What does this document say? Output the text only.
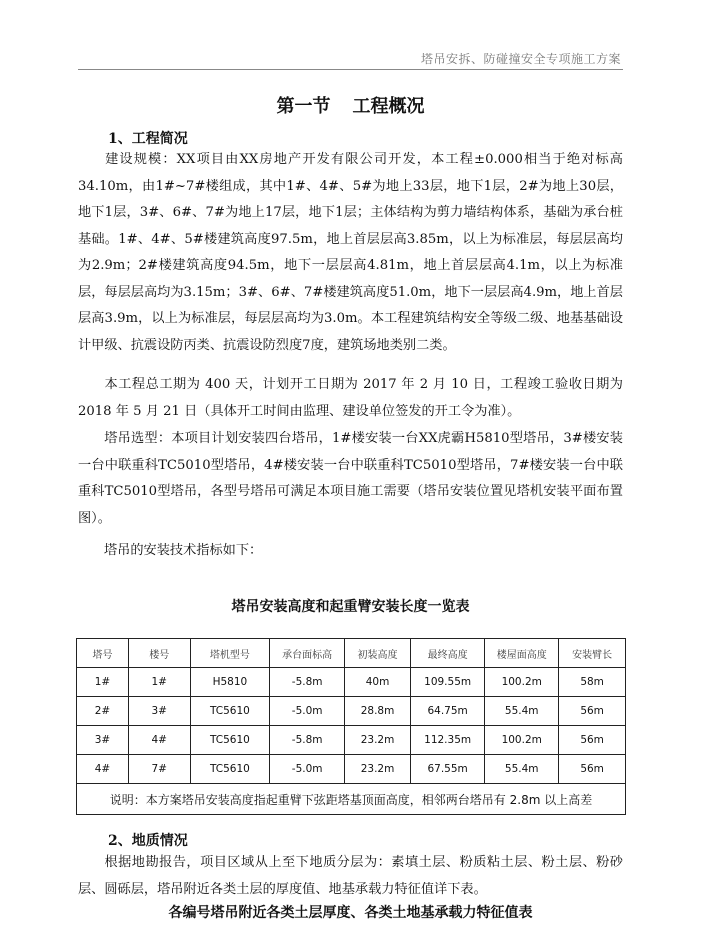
塔吊安拆、防碰撞安全专项施工方案
第一节 工程概况
1、工程简况
建设规模：XX项目由XX房地产开发有限公司开发，本工程±0.000相当于绝对标高34.10m，由1#~7#楼组成，其中1#、4#、5#为地上33层，地下1层，2#为地上30层，地下1层，3#、6#、7#为地上17层，地下1层；主体结构为剪力墙结构体系，基础为承台桩基础。1#、4#、5#楼建筑高度97.5m，地上首层层高3.85m，以上为标准层，每层层高均为2.9m；2#楼建筑高度94.5m，地下一层层高4.81m，地上首层层高4.1m，以上为标准层，每层层高均为3.15m；3#、6#、7#楼建筑高度51.0m，地下一层层高4.9m，地上首层层高3.9m，以上为标准层，每层层高均为3.0m。本工程建筑结构安全等级二级、地基基础设计甲级、抗震设防丙类、抗震设防烈度7度，建筑场地类别二类。
本工程总工期为 400 天，计划开工日期为 2017 年 2 月 10 日，工程竣工验收日期为 2018 年 5 月 21 日（具体开工时间由监理、建设单位签发的开工令为准）。
塔吊选型：本项目计划安装四台塔吊，1#楼安装一台XX虎霸H5810型塔吊，3#楼安装一台中联重科TC5010型塔吊，4#楼安装一台中联重科TC5010型塔吊，7#楼安装一台中联重科TC5010型塔吊，各型号塔吊可满足本项目施工需要（塔吊安装位置见塔机安装平面布置图）。
塔吊的安装技术指标如下：
塔吊安装高度和起重臂安装长度一览表
塔号	楼号	塔机型号	承台面标高	初装高度	最终高度	楼屋面高度	安装臂长
1#	1#	H5810	-5.8m	40m	109.55m	100.2m	58m
2#	3#	TC5610	-5.0m	28.8m	64.75m	55.4m	56m
3#	4#	TC5610	-5.8m	23.2m	112.35m	100.2m	56m
4#	7#	TC5610	-5.0m	23.2m	67.55m	55.4m	56m
说明：本方案塔吊安装高度指起重臂下弦距塔基顶面高度，相邻两台塔吊有 2.8m 以上高差							
2、地质情况
根据地勘报告，项目区域从上至下地质分层为：素填土层、粉质粘土层、粉土层、粉砂层、圆砾层，塔吊附近各类土层的厚度值、地基承载力特征值详下表。
各编号塔吊附近各类土层厚度、各类土地基承载力特征值表
